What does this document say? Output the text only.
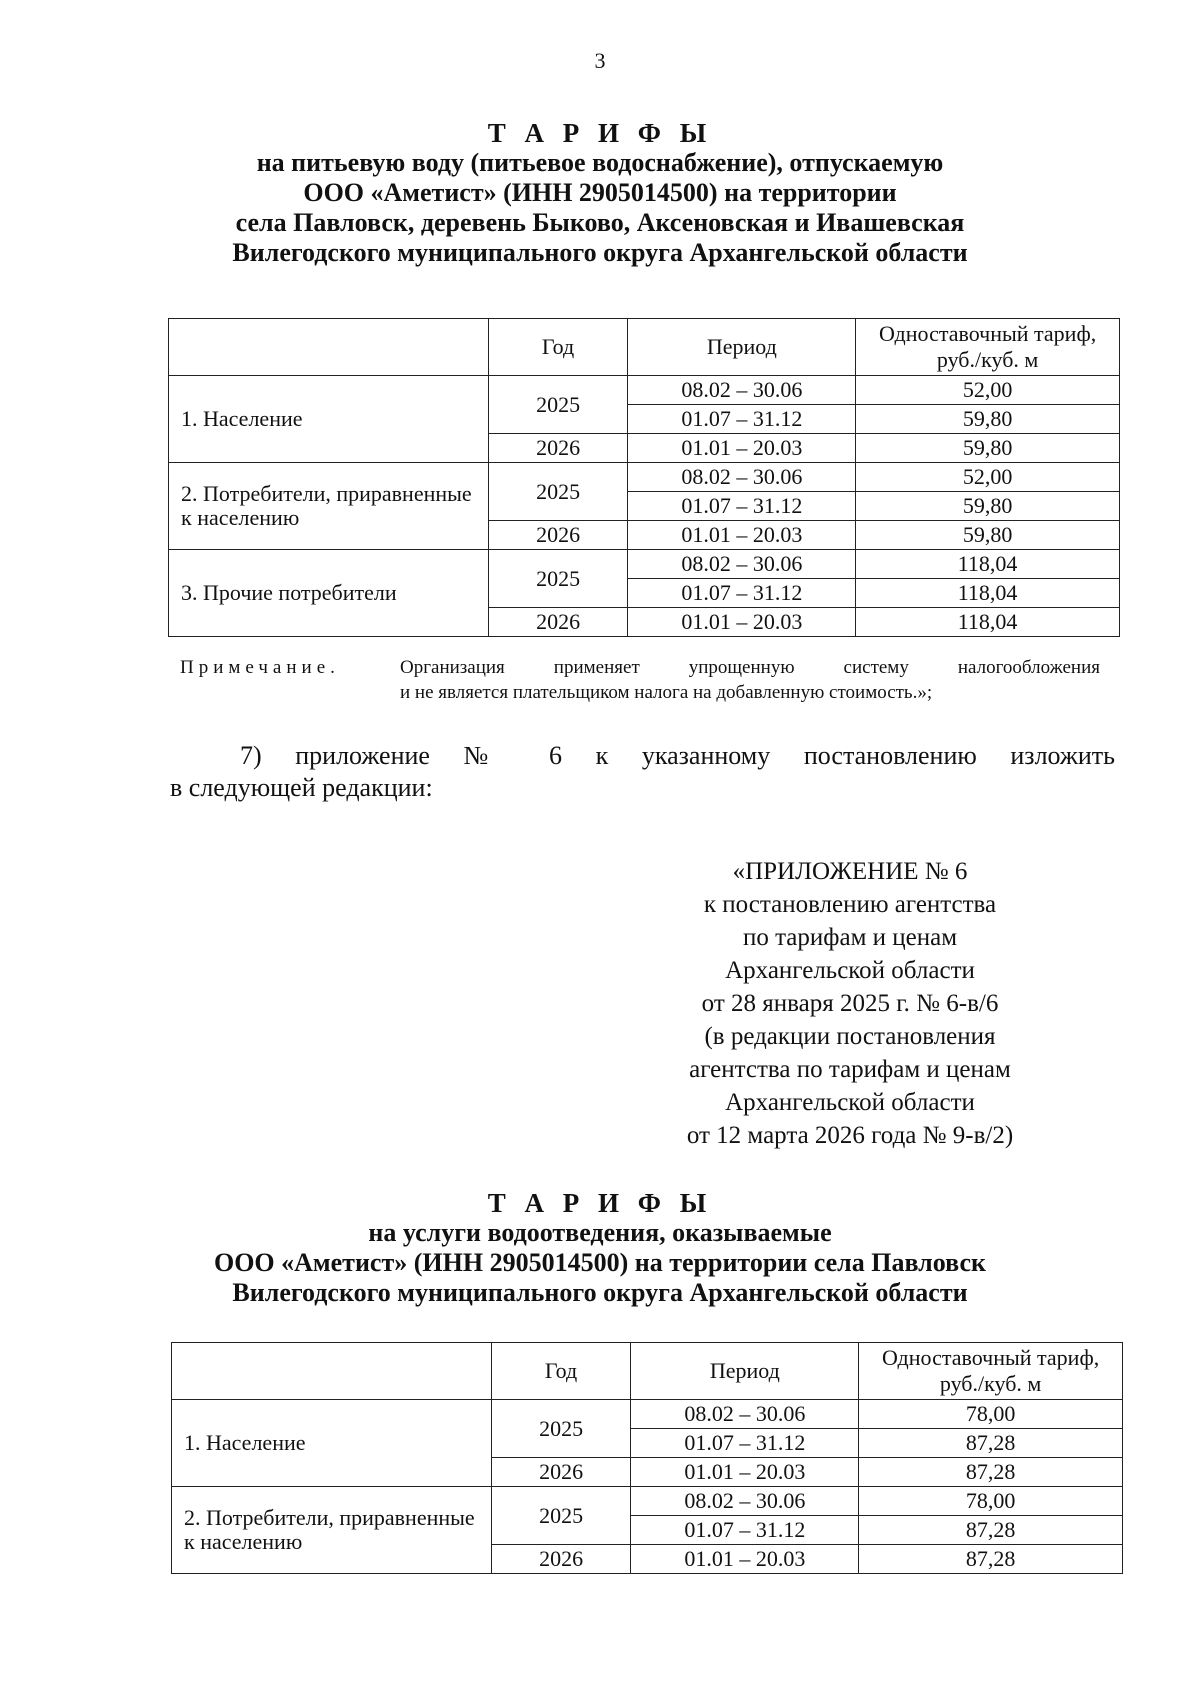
3
Т А Р И Ф Ы
на питьевую воду (питьевое водоснабжение), отпускаемую
ООО «Аметист» (ИНН 2905014500) на территории
села Павловск, деревень Быково, Аксеновская и Ивашевская
Вилегодского муниципального округа Архангельской области
	Год	Период	Одноставочный тариф,
руб./куб. м

1. Население	2025	08.02 – 30.06	52,00
		01.07 – 31.12	59,80
	2026	01.01 – 20.03	59,80
2. Потребители, приравненные к населению	2025	08.02 – 30.06	52,00
		01.07 – 31.12	59,80
	2026	01.01 – 20.03	59,80
3. Прочие потребители	2025	08.02 – 30.06	118,04
		01.07 – 31.12	118,04
	2026	01.01 – 20.03	118,04
Примечание.	Организация применяет упрощенную систему налогообложения
и не является плательщиком налога на добавленную стоимость.»;
7) приложение № 6 к указанному постановлению изложить
в следующей редакции:
«ПРИЛОЖЕНИЕ № 6
к постановлению агентства
по тарифам и ценам
Архангельской области
от 28 января 2025 г. № 6-в/6
(в редакции постановления
агентства по тарифам и ценам
Архангельской области
от 12 марта 2026 года № 9-в/2)
Т А Р И Ф Ы
на услуги водоотведения, оказываемые
ООО «Аметист» (ИНН 2905014500) на территории села Павловск
Вилегодского муниципального округа Архангельской области
	Год	Период	Одноставочный тариф,
руб./куб. м

1. Население	2025	08.02 – 30.06	78,00
		01.07 – 31.12	87,28
	2026	01.01 – 20.03	87,28
2. Потребители, приравненные к населению	2025	08.02 – 30.06	78,00
		01.07 – 31.12	87,28
	2026	01.01 – 20.03	87,28
